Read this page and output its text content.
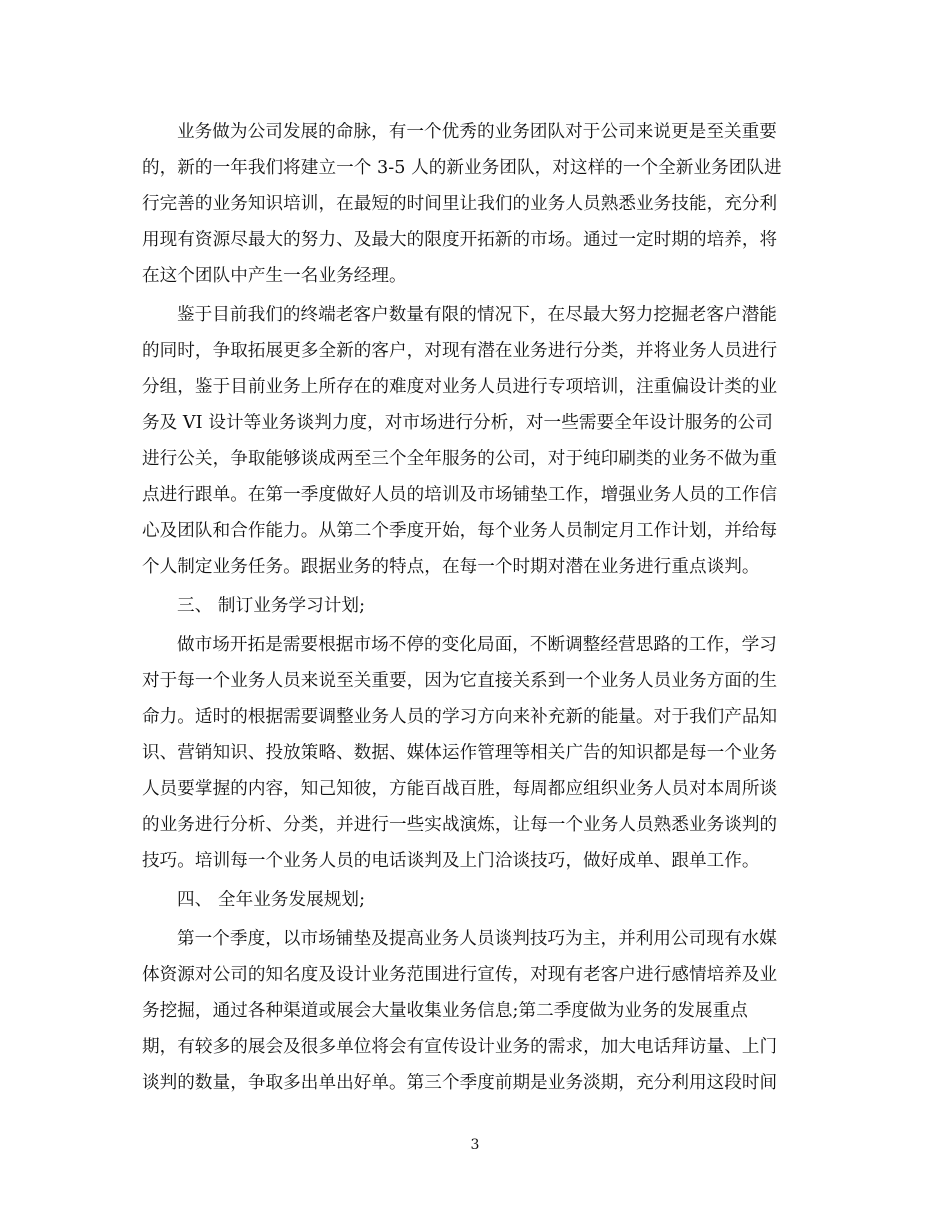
业务做为公司发展的命脉，有一个优秀的业务团队对于公司来说更是至关重要
的，新的一年我们将建立一个 3-5 人的新业务团队，对这样的一个全新业务团队进
行完善的业务知识培训，在最短的时间里让我们的业务人员熟悉业务技能，充分利
用现有资源尽最大的努力、及最大的限度开拓新的市场。通过一定时期的培养，将
在这个团队中产生一名业务经理。
鉴于目前我们的终端老客户数量有限的情况下，在尽最大努力挖掘老客户潜能
的同时，争取拓展更多全新的客户，对现有潜在业务进行分类，并将业务人员进行
分组，鉴于目前业务上所存在的难度对业务人员进行专项培训，注重偏设计类的业
务及 VI 设计等业务谈判力度，对市场进行分析，对一些需要全年设计服务的公司
进行公关，争取能够谈成两至三个全年服务的公司，对于纯印刷类的业务不做为重
点进行跟单。在第一季度做好人员的培训及市场铺垫工作，增强业务人员的工作信
心及团队和合作能力。从第二个季度开始，每个业务人员制定月工作计划，并给每
个人制定业务任务。跟据业务的特点，在每一个时期对潜在业务进行重点谈判。
三、 制订业务学习计划;
做市场开拓是需要根据市场不停的变化局面，不断调整经营思路的工作，学习
对于每一个业务人员来说至关重要，因为它直接关系到一个业务人员业务方面的生
命力。适时的根据需要调整业务人员的学习方向来补充新的能量。对于我们产品知
识、营销知识、投放策略、数据、媒体运作管理等相关广告的知识都是每一个业务
人员要掌握的内容，知己知彼，方能百战百胜，每周都应组织业务人员对本周所谈
的业务进行分析、分类，并进行一些实战演炼，让每一个业务人员熟悉业务谈判的
技巧。培训每一个业务人员的电话谈判及上门洽谈技巧，做好成单、跟单工作。
四、 全年业务发展规划;
第一个季度，以市场铺垫及提高业务人员谈判技巧为主，并利用公司现有水媒
体资源对公司的知名度及设计业务范围进行宣传，对现有老客户进行感情培养及业
务挖掘，通过各种渠道或展会大量收集业务信息;第二季度做为业务的发展重点
期，有较多的展会及很多单位将会有宣传设计业务的需求，加大电话拜访量、上门
谈判的数量，争取多出单出好单。第三个季度前期是业务淡期，充分利用这段时间
3
